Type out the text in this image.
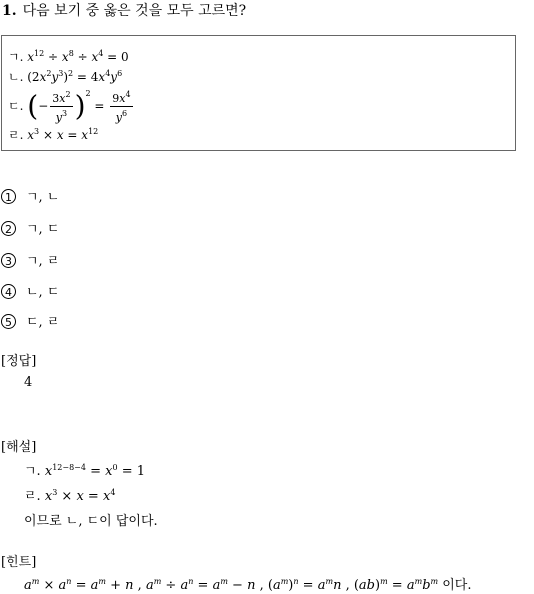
1. 다음 보기 중 옳은 것을 모두 고르면?
ㄱ. $x^{12} \div x^8 \div x^4 = 0$
ㄴ. $(2x^2y^3)^2 = 4x^4y^6$
ㄷ. (− $\frac{3x^2}{y^3} )^2 = \frac{9x^4}{y^6}$
ㄹ. $x^3 \times x = x^{12}$
1 ㄱ, ㄴ
2 ㄱ, ㄷ
3 ㄱ, ㄹ
4 ㄴ, ㄷ
5 ㄷ, ㄹ
[정답]
4
[해설]
ㄱ. $x^{12-8-4} = x^0 = 1$
ㄹ. $x^3 \times x = x^4$
이므로 ㄴ, ㄷ이 답이다.
[힌트]
$a^m \times a^n = a^m + n$ , $a^m \div a^n = a^m - n$ , $(a^m)^n = a^mn$ , $(ab)^m = a^mb^m$ 이다.
